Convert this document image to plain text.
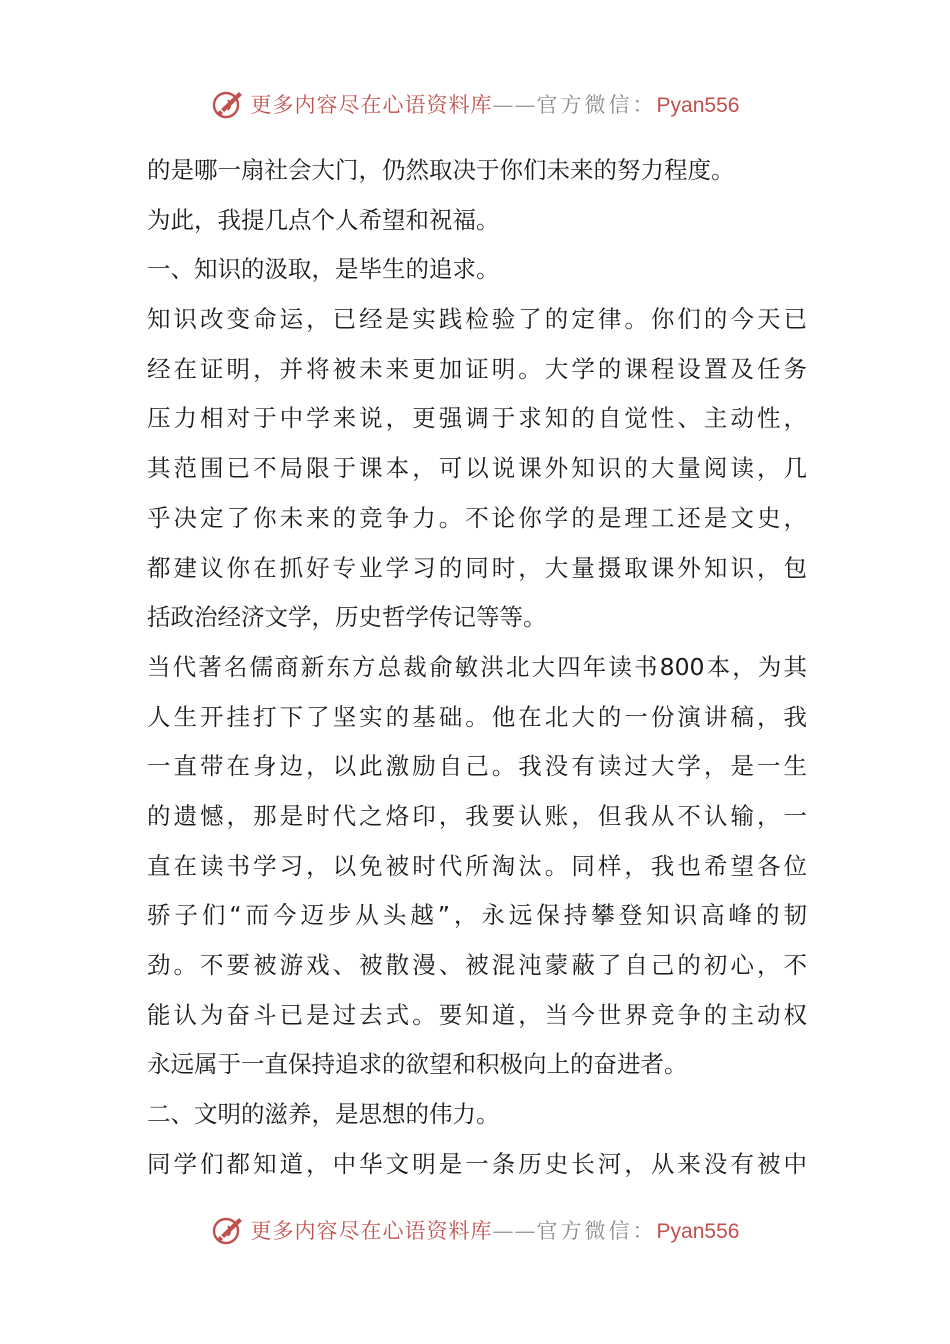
更多内容尽在心语资料库——官方微信：Pyan556
的是哪一扇社会大门，仍然取决于你们未来的努力程度。
为此，我提几点个人希望和祝福。
一、知识的汲取，是毕生的追求。
知识改变命运，已经是实践检验了的定律。你们的今天已
经在证明，并将被未来更加证明。大学的课程设置及任务
压力相对于中学来说，更强调于求知的自觉性、主动性，
其范围已不局限于课本，可以说课外知识的大量阅读，几
乎决定了你未来的竞争力。不论你学的是理工还是文史，
都建议你在抓好专业学习的同时，大量摄取课外知识，包
括政治经济文学，历史哲学传记等等。
当代著名儒商新东方总裁俞敏洪北大四年读书800本，为其
人生开挂打下了坚实的基础。他在北大的一份演讲稿，我
一直带在身边，以此激励自己。我没有读过大学，是一生
的遗憾，那是时代之烙印，我要认账，但我从不认输，一
直在读书学习，以免被时代所淘汰。同样，我也希望各位
骄子们“而今迈步从头越”，永远保持攀登知识高峰的韧
劲。不要被游戏、被散漫、被混沌蒙蔽了自己的初心，不
能认为奋斗已是过去式。要知道，当今世界竞争的主动权
永远属于一直保持追求的欲望和积极向上的奋进者。
二、文明的滋养，是思想的伟力。
同学们都知道，中华文明是一条历史长河，从来没有被中
更多内容尽在心语资料库——官方微信：Pyan556
